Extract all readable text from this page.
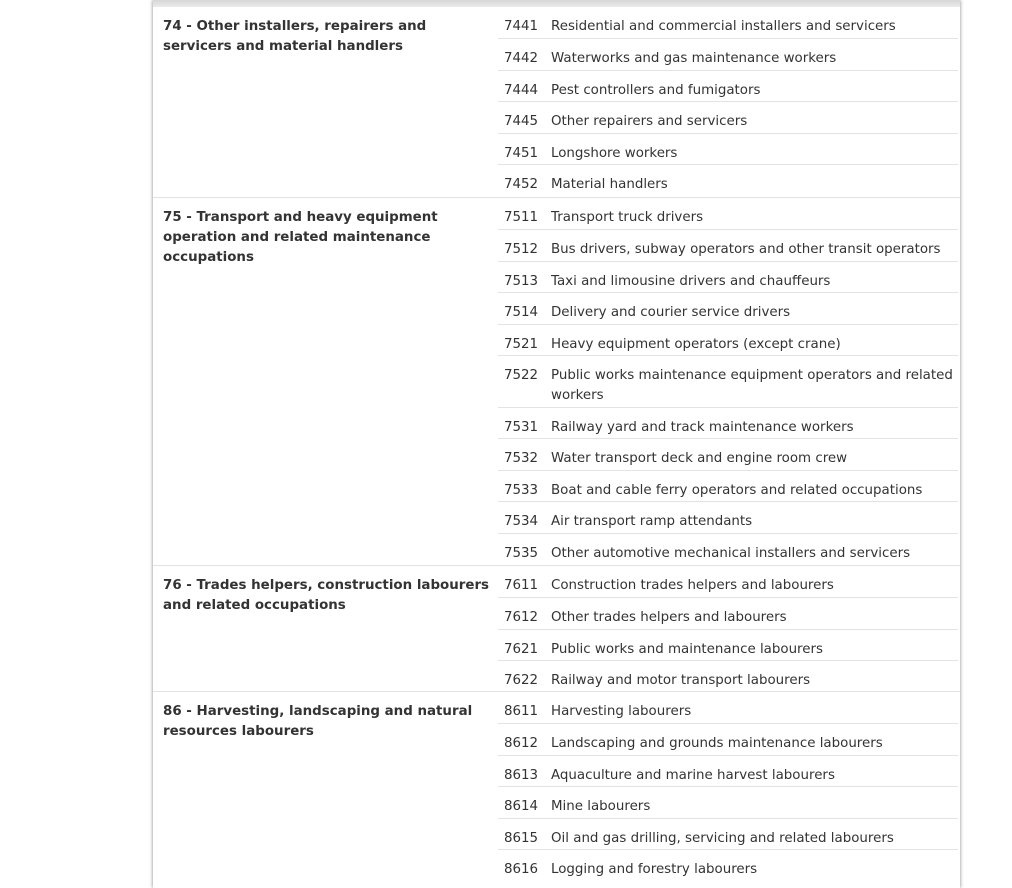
74 - Other installers, repairers and servicers and material handlers
7441 Residential and commercial installers and servicers
7442 Waterworks and gas maintenance workers
7444 Pest controllers and fumigators
7445 Other repairers and servicers
7451 Longshore workers
7452 Material handlers
75 - Transport and heavy equipment operation and related maintenance occupations
7511 Transport truck drivers
7512 Bus drivers, subway operators and other transit operators
7513 Taxi and limousine drivers and chauffeurs
7514 Delivery and courier service drivers
7521 Heavy equipment operators (except crane)
7522 Public works maintenance equipment operators and related workers
7531 Railway yard and track maintenance workers
7532 Water transport deck and engine room crew
7533 Boat and cable ferry operators and related occupations
7534 Air transport ramp attendants
7535 Other automotive mechanical installers and servicers
76 - Trades helpers, construction labourers and related occupations
7611 Construction trades helpers and labourers
7612 Other trades helpers and labourers
7621 Public works and maintenance labourers
7622 Railway and motor transport labourers
86 - Harvesting, landscaping and natural resources labourers
8611 Harvesting labourers
8612 Landscaping and grounds maintenance labourers
8613 Aquaculture and marine harvest labourers
8614 Mine labourers
8615 Oil and gas drilling, servicing and related labourers
8616 Logging and forestry labourers
